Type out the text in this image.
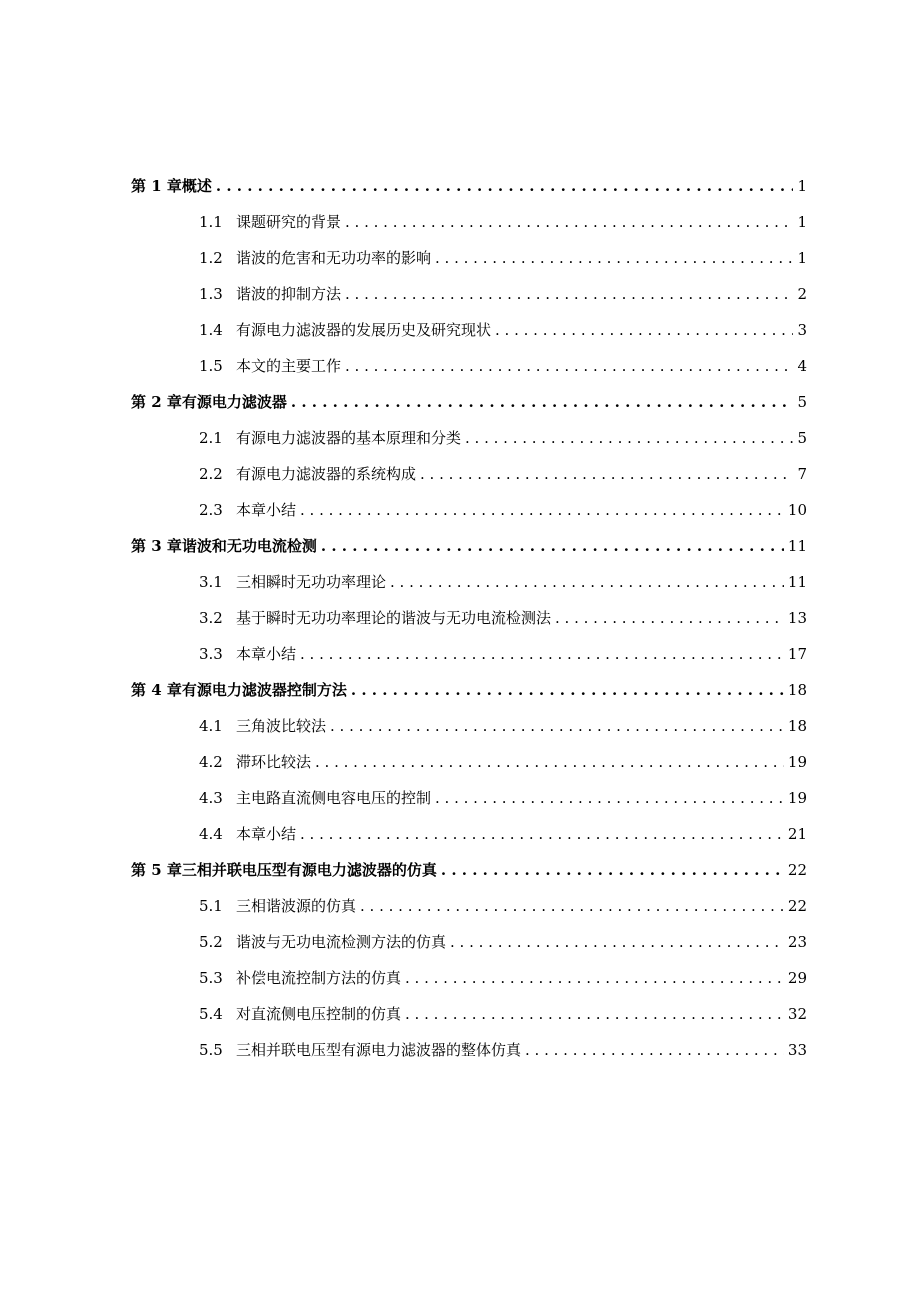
第 1 章 概述 . . .	1
1.1 课题研究的背景 . . .	1
1.2 谐波的危害和无功功率的影响 . . .	1
1.3 谐波的抑制方法 . . .	2
1.4 有源电力滤波器的发展历史及研究现状 . . .	3
1.5 本文的主要工作 . . .	4
第 2 章 有源电力滤波器 . . .	5
2.1 有源电力滤波器的基本原理和分类 . . .	5
2.2 有源电力滤波器的系统构成 . . .	7
2.3 本章小结 . . .	10
第 3 章 谐波和无功电流检测 . . .	11
3.1 三相瞬时无功功率理论 . . .	11
3.2 基于瞬时无功功率理论的谐波与无功电流检测法 . . .	13
3.3 本章小结 . . .	17
第 4 章 有源电力滤波器控制方法 . . .	18
4.1 三角波比较法 . . .	18
4.2 滞环比较法 . . .	19
4.3 主电路直流侧电容电压的控制 . . .	19
4.4 本章小结 . . .	21
第 5 章 三相并联电压型有源电力滤波器的仿真 . . .	22
5.1 三相谐波源的仿真 . . .	22
5.2 谐波与无功电流检测方法的仿真 . . .	23
5.3 补偿电流控制方法的仿真 . . .	29
5.4 对直流侧电压控制的仿真 . . .	32
5.5 三相并联电压型有源电力滤波器的整体仿真 . . .	33
